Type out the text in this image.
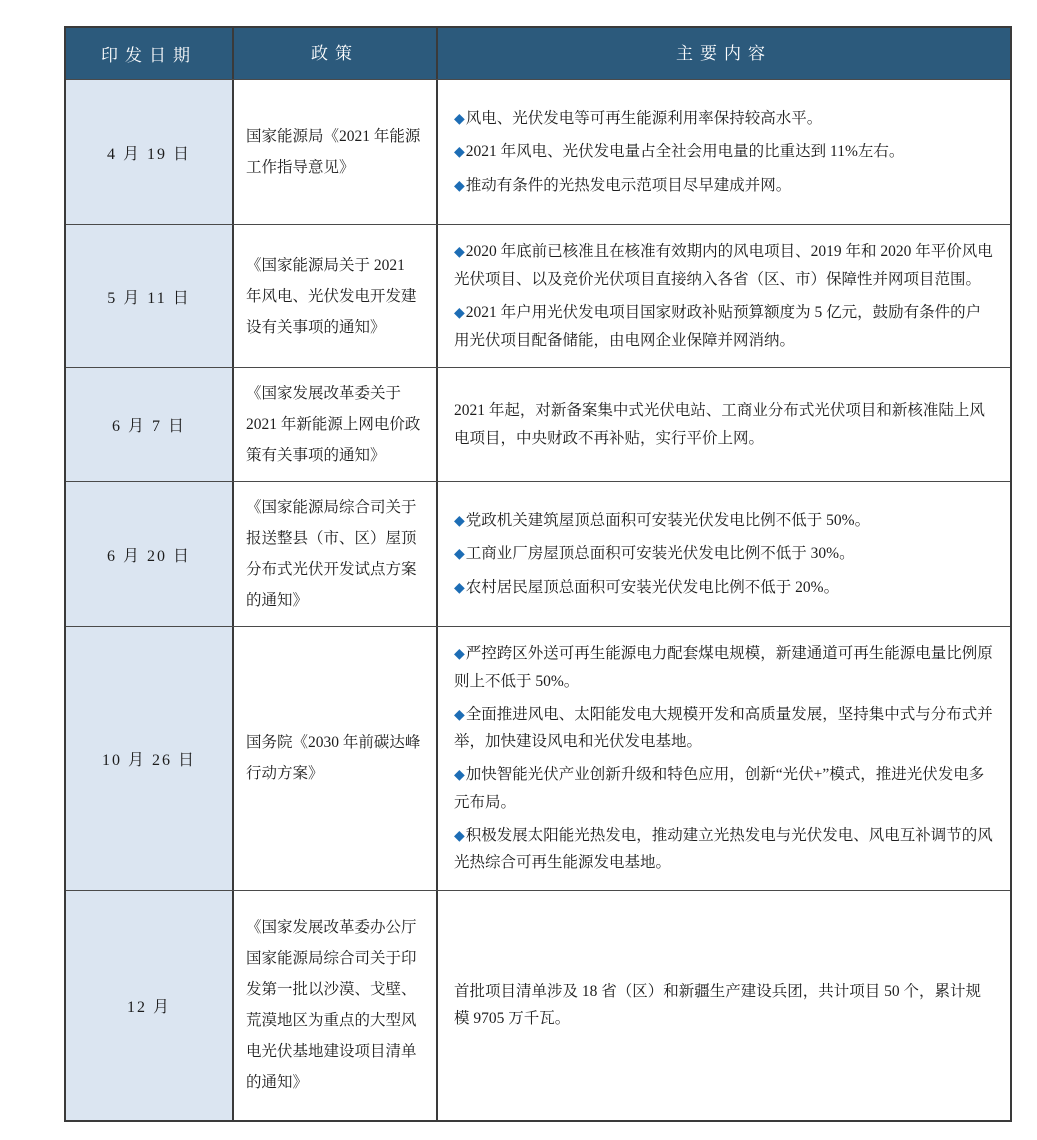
印发日期	政策	主要内容
4 月 19 日
国家能源局《2021 年能源工作指导意见》
◆风电、光伏发电等可再生能源利用率保持较高水平。
◆2021 年风电、光伏发电量占全社会用电量的比重达到 11%左右。
◆推动有条件的光热发电示范项目尽早建成并网。
5 月 11 日
《国家能源局关于 2021 年风电、光伏发电开发建设有关事项的通知》
◆2020 年底前已核准且在核准有效期内的风电项目、2019 年和 2020 年平价风电光伏项目、以及竞价光伏项目直接纳入各省（区、市）保障性并网项目范围。
◆2021 年户用光伏发电项目国家财政补贴预算额度为 5 亿元，鼓励有条件的户用光伏项目配备储能，由电网企业保障并网消纳。
6 月 7 日
《国家发展改革委关于 2021 年新能源上网电价政策有关事项的通知》

2021 年起，对新备案集中式光伏电站、工商业分布式光伏项目和新核准陆上风电项目，中央财政不再补贴，实行平价上网。

6 月 20 日
《国家能源局综合司关于报送整县（市、区）屋顶分布式光伏开发试点方案的通知》
◆党政机关建筑屋顶总面积可安装光伏发电比例不低于 50%。
◆工商业厂房屋顶总面积可安装光伏发电比例不低于 30%。
◆农村居民屋顶总面积可安装光伏发电比例不低于 20%。
10 月 26 日
国务院《2030 年前碳达峰行动方案》
◆严控跨区外送可再生能源电力配套煤电规模，新建通道可再生能源电量比例原则上不低于 50%。
◆全面推进风电、太阳能发电大规模开发和高质量发展，坚持集中式与分布式并举，加快建设风电和光伏发电基地。
◆加快智能光伏产业创新升级和特色应用，创新“光伏+”模式，推进光伏发电多元布局。
◆积极发展太阳能光热发电，推动建立光热发电与光伏发电、风电互补调节的风光热综合可再生能源发电基地。
12 月
《国家发展改革委办公厅 国家能源局综合司关于印发第一批以沙漠、戈壁、荒漠地区为重点的大型风电光伏基地建设项目清单的通知》

首批项目清单涉及 18 省（区）和新疆生产建设兵团，共计项目 50 个，累计规模 9705 万千瓦。
